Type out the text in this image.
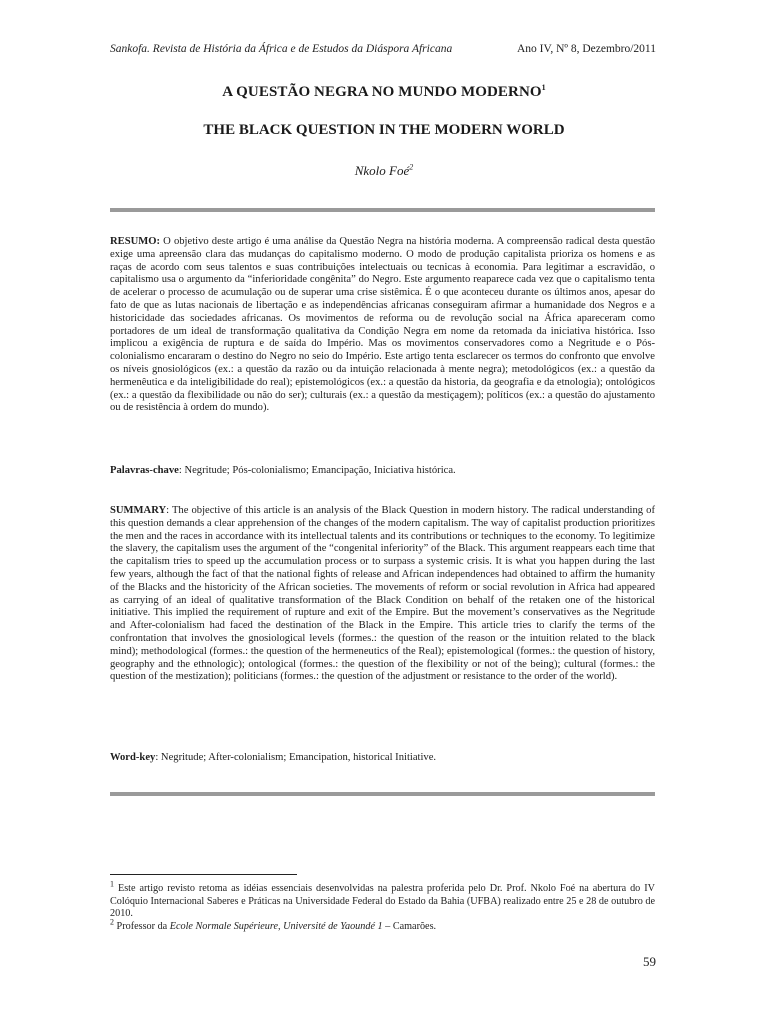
Sankofa. Revista de História da África e de Estudos da Diáspora Africana	Ano IV, Nº 8, Dezembro/2011
A QUESTÃO NEGRA NO MUNDO MODERNO$^1$
THE BLACK QUESTION IN THE MODERN WORLD
Nkolo Foé$^2$
RESUMO: O objetivo deste artigo é uma análise da Questão Negra na história moderna. A compreensão radical desta questão exige uma apreensão clara das mudanças do capitalismo moderno. O modo de produção capitalista prioriza os homens e as raças de acordo com seus talentos e suas contribuições intelectuais ou tecnicas à economia. Para legitimar a escravidão, o capitalismo usa o argumento da “inferioridade congênita” do Negro. Este argumento reaparece cada vez que o capitalismo tenta de acelerar o processo de acumulação ou de superar uma crise sistêmica. É o que aconteceu durante os últimos anos, apesar do fato de que as lutas nacionais de libertação e as independências africanas conseguiram afirmar a humanidade dos Negros e a historicidade das sociedades africanas. Os movimentos de reforma ou de revolução social na África apareceram como portadores de um ideal de transformação qualitativa da Condição Negra em nome da retomada da iniciativa histórica. Isso implicou a exigência de ruptura e de saída do Império. Mas os movimentos conservadores como a Negritude e o Pós-colonialismo encararam o destino do Negro no seio do Império. Este artigo tenta esclarecer os termos do confronto que envolve os níveis gnosiológicos (ex.: a questão da razão ou da intuição relacionada à mente negra); metodológicos (ex.: a questão da hermenêutica e da inteligibilidade do real); epistemológicos (ex.: a questão da historia, da geografia e da etnologia); ontológicos (ex.: a questão da flexibilidade ou não do ser); culturais (ex.: a questão da mestiçagem); políticos (ex.: a questão do ajustamento ou de resistência à ordem do mundo).
Palavras-chave: Negritude; Pós-colonialismo; Emancipação, Iniciativa histórica.
SUMMARY: The objective of this article is an analysis of the Black Question in modern history. The radical understanding of this question demands a clear apprehension of the changes of the modern capitalism. The way of capitalist production prioritizes the men and the races in accordance with its intellectual talents and its contributions or techniques to the economy. To legitimize the slavery, the capitalism uses the argument of the “congenital inferiority” of the Black. This argument reappears each time that the capitalism tries to speed up the accumulation process or to surpass a systemic crisis. It is what you happen during the last few years, although the fact of that the national fights of release and African independences had obtained to affirm the humanity of the Blacks and the historicity of the African societies. The movements of reform or social revolution in Africa had appeared as carrying of an ideal of qualitative transformation of the Black Condition on behalf of the retaken one of the historical initiative. This implied the requirement of rupture and exit of the Empire. But the movement’s conservatives as the Negritude and After-colonialism had faced the destination of the Black in the Empire. This article tries to clarify the terms of the confrontation that involves the gnosiological levels (formes.: the question of the reason or the intuition related to the black mind); methodological (formes.: the question of the hermeneutics of the Real); epistemological (formes.: the question of history, geography and the ethnologic); ontological (formes.: the question of the flexibility or not of the being); cultural (formes.: the question of the mestization); politicians (formes.: the question of the adjustment or resistance to the order of the world).
Word-key: Negritude; After-colonialism; Emancipation, historical Initiative.

$^1$ Este artigo revisto retoma as idéias essenciais desenvolvidas na palestra proferida pelo Dr. Prof. Nkolo Foé na abertura do IV Colóquio Internacional Saberes e Práticas na Universidade Federal do Estado da Bahia (UFBA) realizado entre 25 e 28 de outubro de 2010.

$^2$ Professor da Ecole Normale Supérieure, Université de Yaoundé 1 – Camarões.

59
